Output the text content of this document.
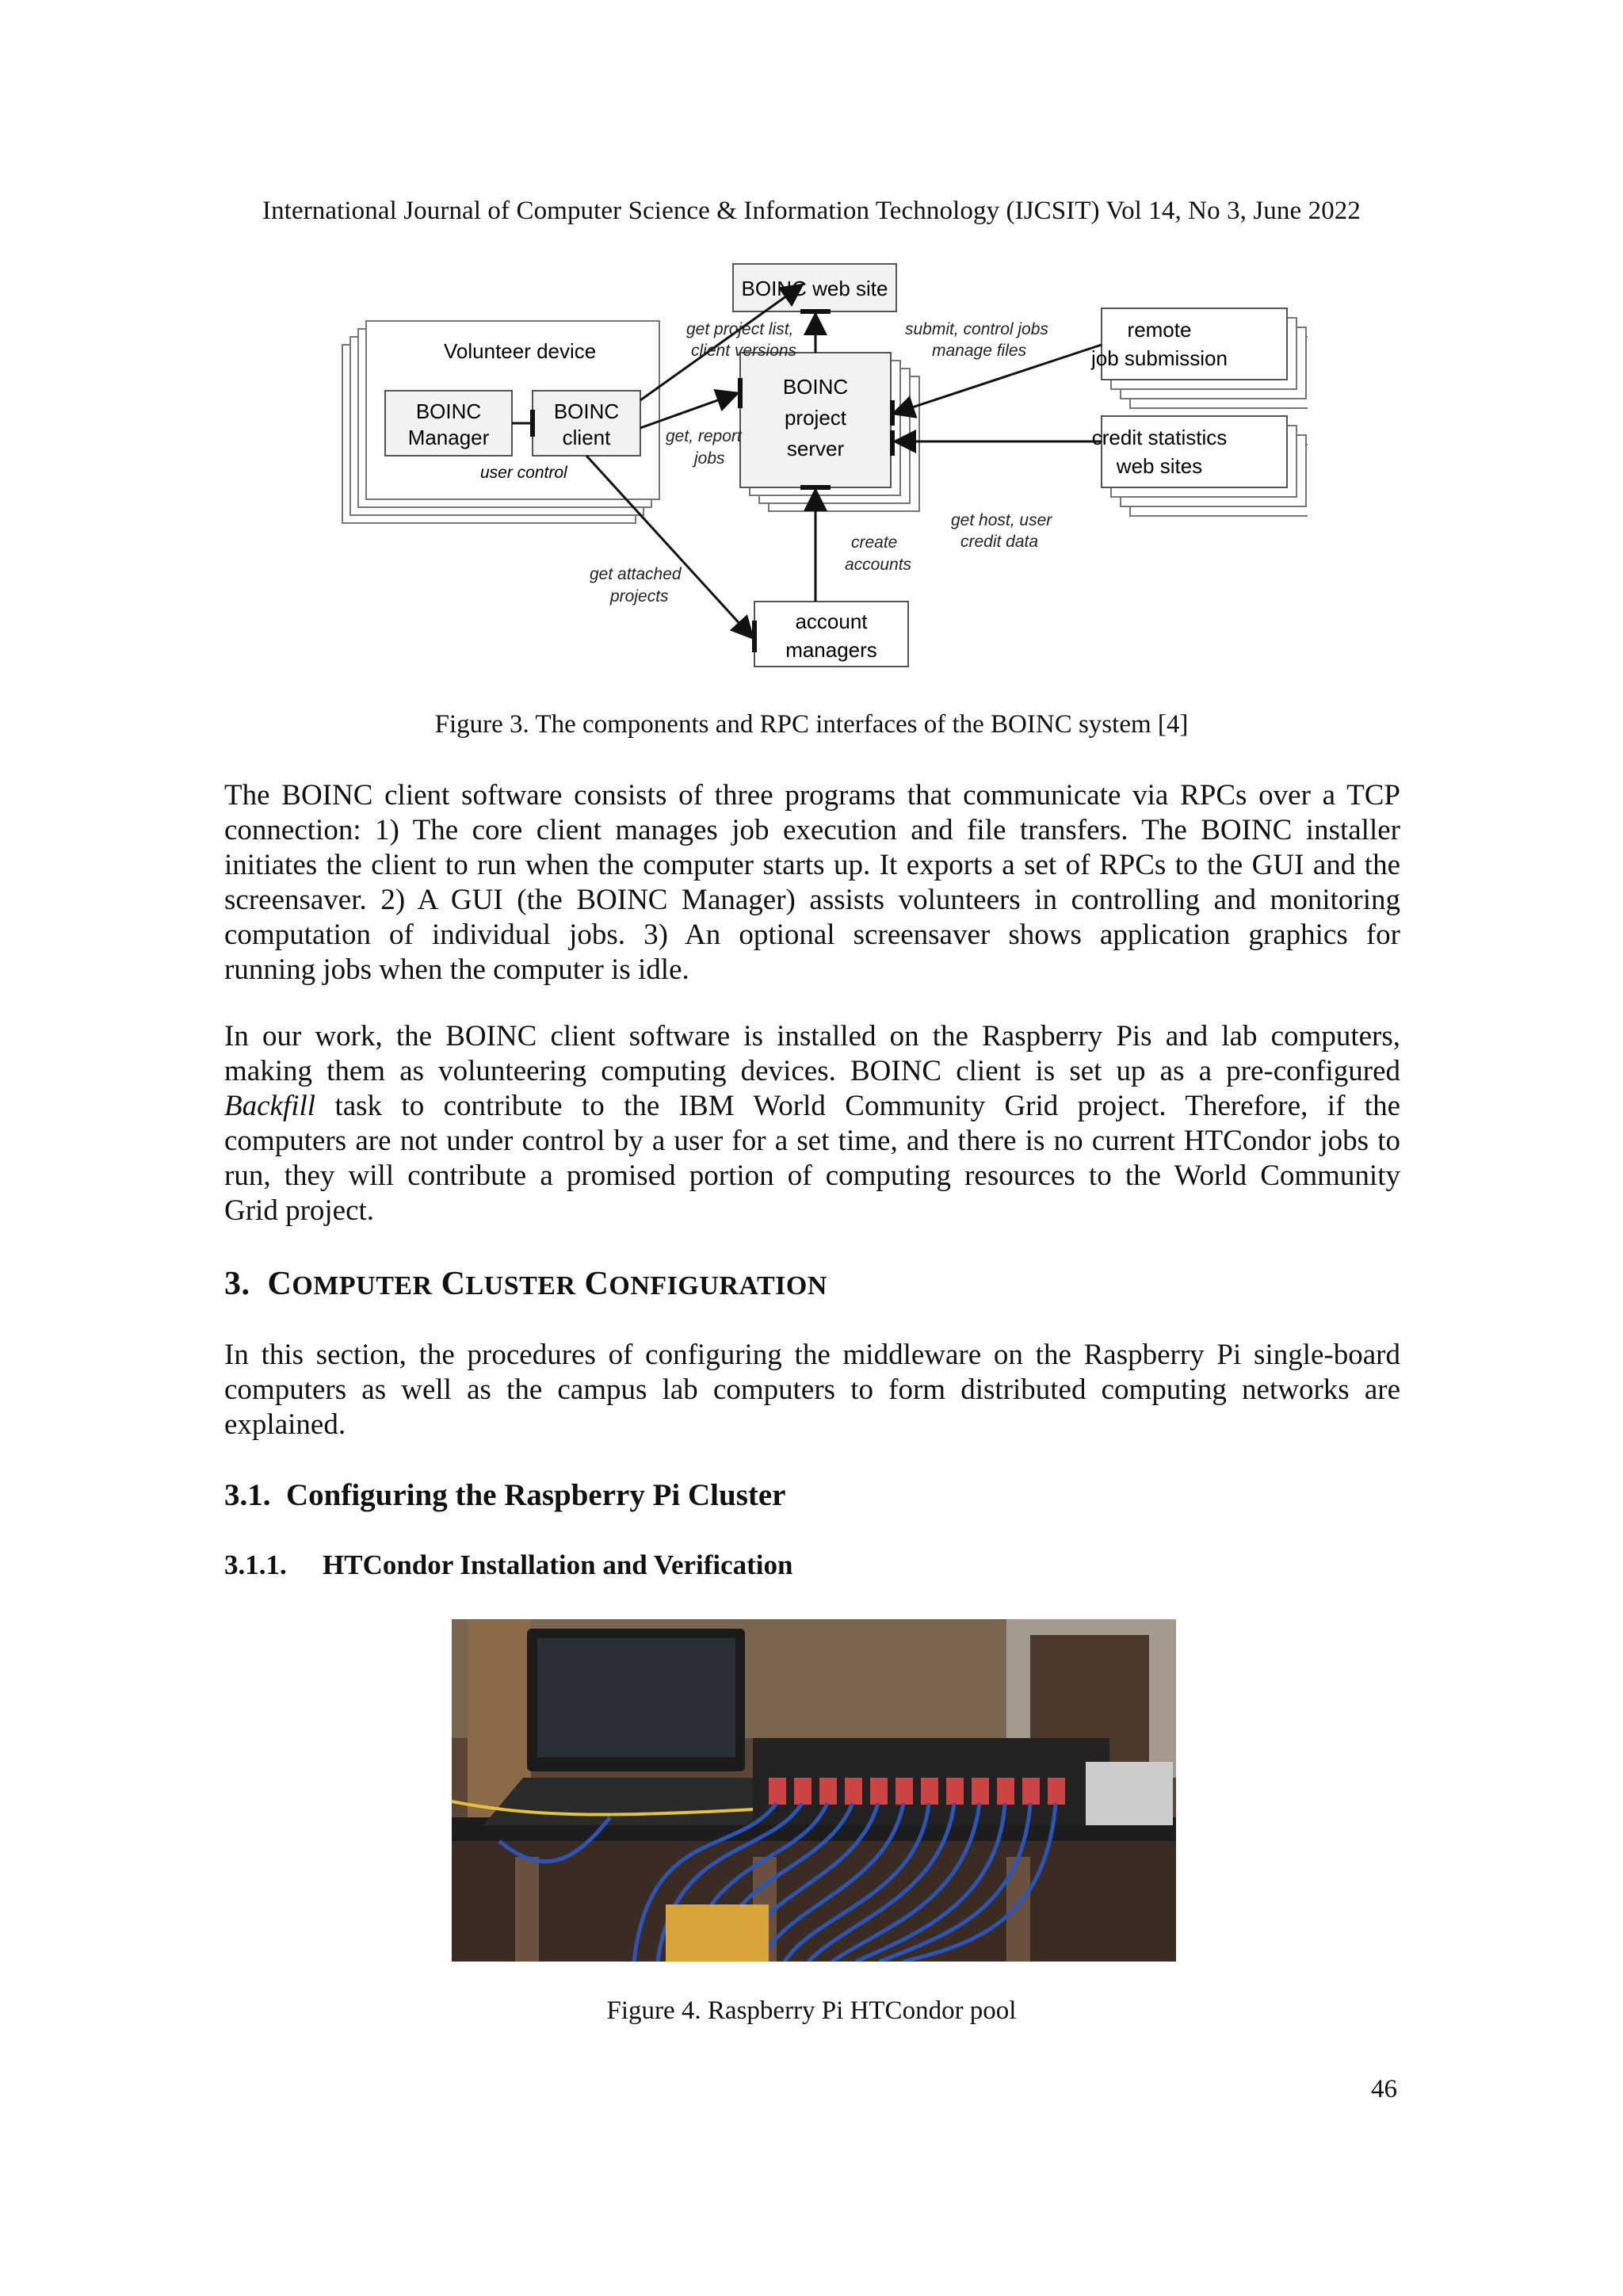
International Journal of Computer Science & Information Technology (IJCSIT) Vol 14, No 3, June 2022
BOINC web site
Volunteer device
BOINC
Manager
BOINC
client
user control
BOINC
project
server
remote
job submission
credit statistics
web sites
account
managers
get project list,
client versions
submit, control jobs
manage files
get, report
jobs
get host, user
credit data
create
accounts
get attached
projects
Figure 3. The components and RPC interfaces of the BOINC system [4]
The BOINC client software consists of three programs that communicate via RPCs over a TCP
connection: 1) The core client manages job execution and file transfers. The BOINC installer
initiates the client to run when the computer starts up. It exports a set of RPCs to the GUI and the
screensaver. 2) A GUI (the BOINC Manager) assists volunteers in controlling and monitoring
computation of individual jobs. 3) An optional screensaver shows application graphics for
running jobs when the computer is idle.
In our work, the BOINC client software is installed on the Raspberry Pis and lab computers,
making them as volunteering computing devices. BOINC client is set up as a pre-configured
Backfill task to contribute to the IBM World Community Grid project. Therefore, if the
computers are not under control by a user for a set time, and there is no current HTCondor jobs to
run, they will contribute a promised portion of computing resources to the World Community
Grid project.
3. COMPUTER CLUSTER CONFIGURATION
In this section, the procedures of configuring the middleware on the Raspberry Pi single-board
computers as well as the campus lab computers to form distributed computing networks are
explained.
3.1.  Configuring the Raspberry Pi Cluster
3.1.1. HTCondor Installation and Verification
Figure 4. Raspberry Pi HTCondor pool
46
